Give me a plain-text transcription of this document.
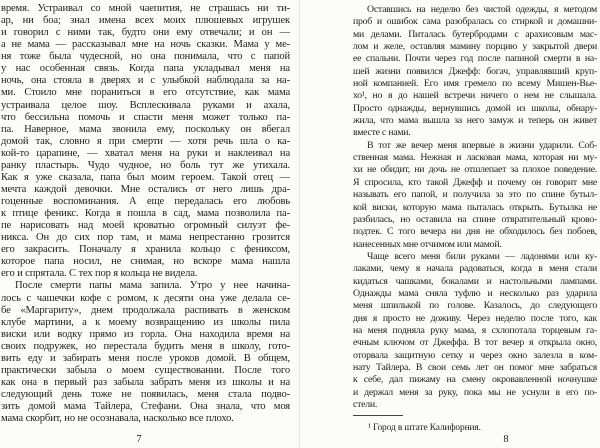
время. Устраивал со мной чаепития, не страшась ни ти-
ар, ни боа; знал имена всех моих плюшевых игрушек
и говорил с ними так, будто они ему отвечали; и он —
а не мама — рассказывал мне на ночь сказки. Мама у ме-
ня тоже была чудесной, но она понимала, что с папой
у нас особенная связь. Когда папа укладывал меня на
ночь, она стояла в дверях и с улыбкой наблюдала за на-
ми. Стоило мне пораниться в его отсутствие, как мама
устраивала целое шоу. Всплескивала руками и ахала,
что бессильна помочь и спасти меня может только па-
па. Наверное, мама звонила ему, поскольку он вбегал
домой так, словно я при смерти — хотя речь шла о ка-
кой-то царапине, — хватал меня на руки и наклеивал на
ранку пластырь. Чудо чудное, но боль тут же утихала.
Как я уже сказала, папа был моим героем. Такой отец —
мечта каждой девочки. Мне остались от него лишь дра-
гоценные воспоминания. А еще передалась его любовь
к птице феникс. Когда я пошла в сад, мама позволила па-
пе нарисовать над моей кроватью огромный силуэт фе-
никса. Он до сих пор там, и мама непрестанно грозится
его закрасить. Поначалу я хранила кольцо с фениксом,
которое папа носил, не снимая, но вскоре мама нашла
его и спрятала. С тех пор я кольца не видела.
После смерти папы мама запила. Утро у нее начина-
лось с чашечки кофе с ромом, к десяти она уже делала се-
бе «Маргариту», днем продолжала распивать в женском
клубе мартини, а к моему возвращению из школы пила
виски или водку прямо из горла. Она находила время на
своих подружек, но перестала будить меня в школу, гото-
вить еду и забирать меня после уроков домой. В общем,
практически забыла о моем существовании. После того
как она в первый раз забыла забрать меня из школы и на
следующий день тоже не появилась, меня стала подво-
зить домой мама Тайлера, Стефани. Она знала, что моя
мама скорбит, но не осознавала, насколько все плохо.
7
Оставшись на неделю без чистой одежды, я методом
проб и ошибок сама разобралась со стиркой и домашни-
ми делами. Питалась бутербродами с арахисовым мас-
лом и желе, оставляя мамину порцию у закрытой двери
ее спальни. Почти через год после папиной смерти в на-
шей жизни появился Джефф: богач, управлявший круп-
ной компанией. Его имя гремело по всему Мишен-Вье-
хо¹, но я до нашей встречи ничего о нем не слышала.
Просто однажды, вернувшись домой из школы, обнару-
жила, что мама вышла за него замуж и теперь он живет
вместе с нами.
В тот же вечер меня впервые в жизни ударили. Соб-
ственная мама. Нежная и ласковая мама, которая ни му-
хи не обидит, ни дочь не отшлепает за плохое поведение.
Я спросила, кто такой Джефф и почему он говорит мне
называть его папой, и получила за это по спине бутыл-
кой виски, которую мама пыталась открыть. Бутылка не
разбилась, но оставила на спине отвратительный крово-
подтек. С того вечера ни дня не обходилось без побоев,
нанесенных мне отчимом или мамой.
Чаще всего меня били руками — ладонями или ку-
лаками, чему я начала радоваться, когда в меня стали
кидаться чашками, бокалами и настольными лампами.
Однажды мама сняла туфлю и несколько раз ударила
меня шпилькой по голове. Казалось, до следующего
дня я просто не доживу. Через неделю после того, как
на меня подняла руку мама, я схлопотала торцевым га-
ечным ключом от Джеффа. В тот вечер я открыла окно,
оторвала защитную сетку и через окно залезла в ком-
нату Тайлера. В свои семь лет он помог мне забраться
к себе, дал пижаму на смену окровавленной ночнушке
и держал меня за руку, пока мы не уснули в его по-
стели.
¹ Город в штате Калифорния.
8
